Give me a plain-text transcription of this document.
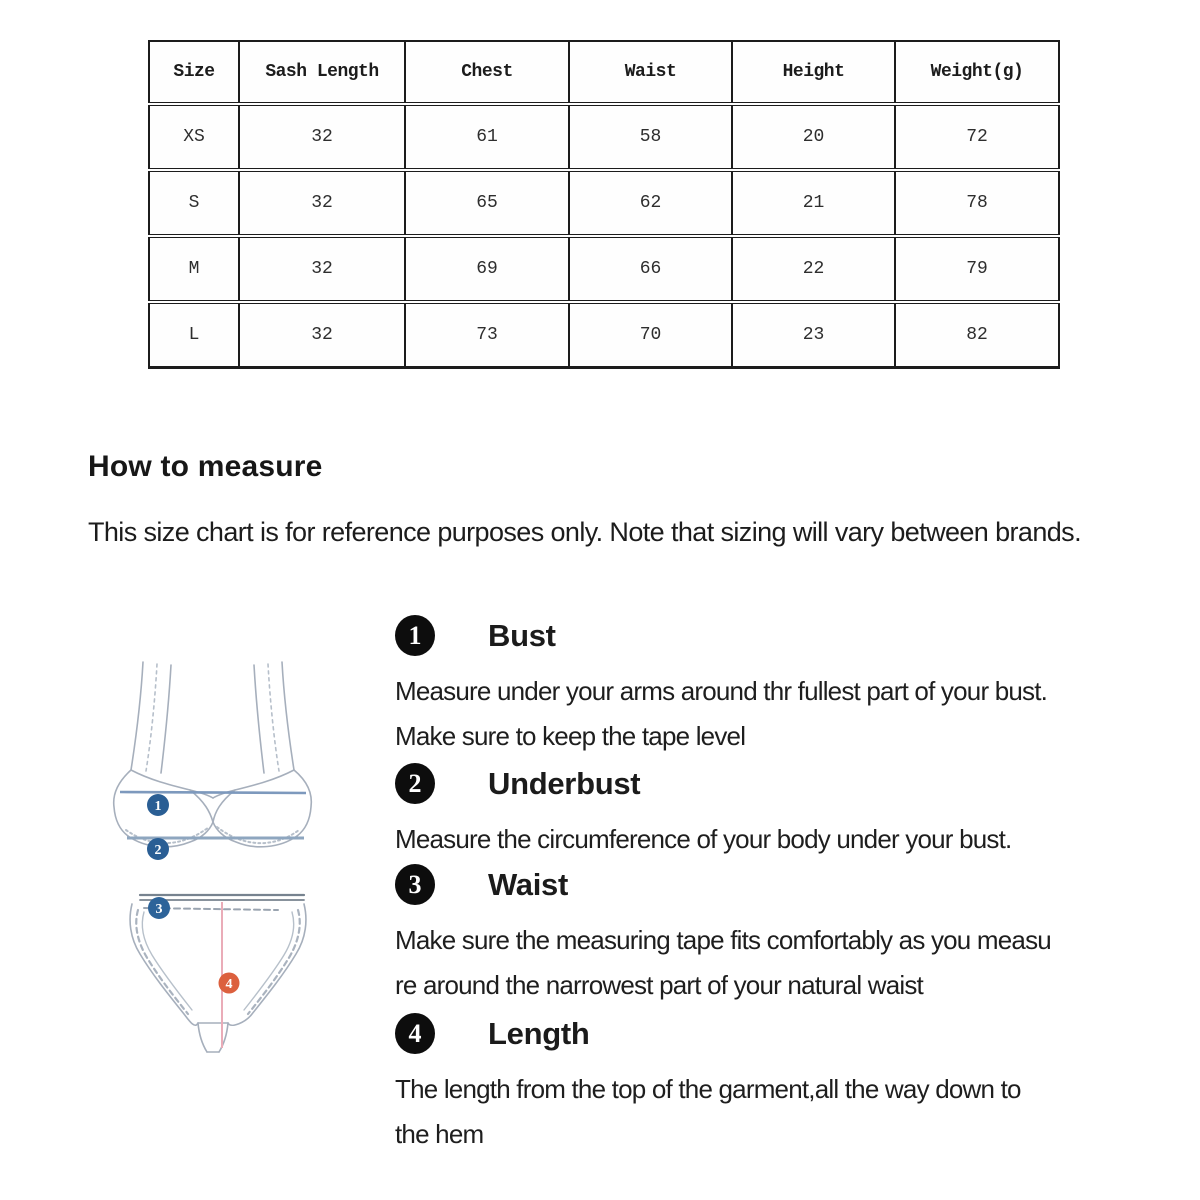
Size	Sash Length	Chest	Waist	Height	Weight(g)
XS	32	61	58	20	72
S	32	65	62	21	78
M	32	69	66	22	79
L	32	73	70	23	82
How to measure
This size chart is for reference purposes only. Note that sizing will vary between brands.
1
2
3
4
1	Bust
Measure under your arms around thr fullest part of your bust.
Make sure to keep the tape level
2	Underbust
Measure the circumference of your body under your bust.
3	Waist
Make sure the measuring tape fits comfortably as you measu
re around the narrowest part of your natural waist
4	Length
The length from the top of the garment,all the way down to
the hem
